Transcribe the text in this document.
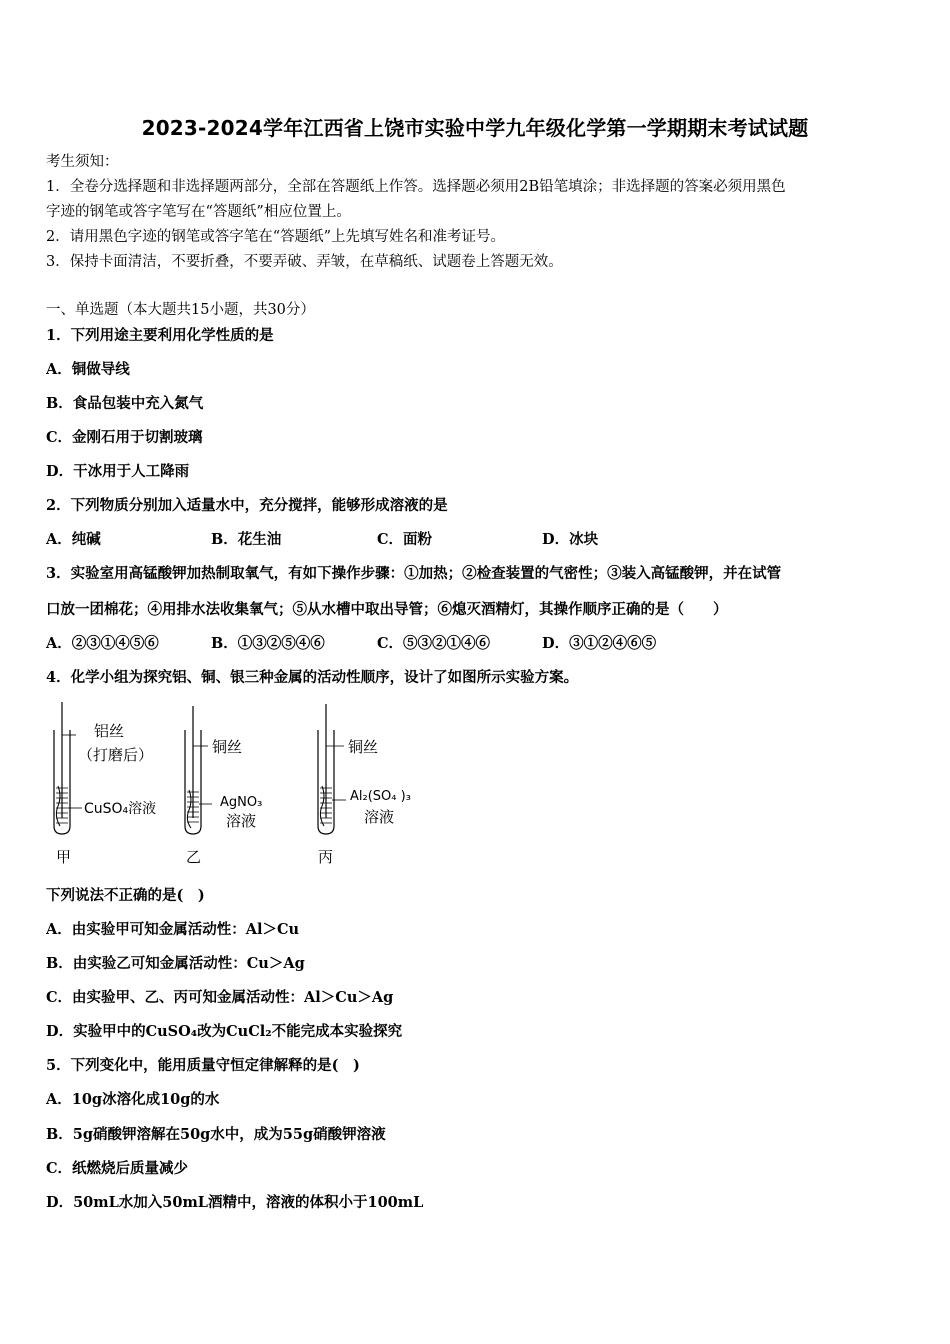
2023-2024学年江西省上饶市实验中学九年级化学第一学期期末考试试题
考生须知：
1．全卷分选择题和非选择题两部分，全部在答题纸上作答。选择题必须用2B铅笔填涂；非选择题的答案必须用黑色
字迹的钢笔或答字笔写在“答题纸”相应位置上。
2．请用黑色字迹的钢笔或答字笔在“答题纸”上先填写姓名和准考证号。
3．保持卡面清洁，不要折叠，不要弄破、弄皱，在草稿纸、试题卷上答题无效。
一、单选题（本大题共15小题，共30分）
1．下列用途主要利用化学性质的是
A．铜做导线
B．食品包装中充入氮气
C．金刚石用于切割玻璃
D．干冰用于人工降雨
2．下列物质分别加入适量水中，充分搅拌，能够形成溶液的是
A．纯碱	B．花生油	C．面粉	D．冰块
3．实验室用高锰酸钾加热制取氧气，有如下操作步骤：①加热；②检查装置的气密性；③装入高锰酸钾，并在试管
口放一团棉花；④用排水法收集氧气；⑤从水槽中取出导管；⑥熄灭酒精灯，其操作顺序正确的是（　　）
A．②③①④⑤⑥	B．①③②⑤④⑥	C．⑤③②①④⑥	D．③①②④⑥⑤
4．化学小组为探究铝、铜、银三种金属的活动性顺序，设计了如图所示实验方案。
铝丝
（打磨后）
CuSO₄溶液
甲
铜丝
AgNO₃
溶液
乙
铜丝
Al₂(SO₄ )₃
溶液
丙
下列说法不正确的是(　)
A．由实验甲可知金属活动性：Al＞Cu
B．由实验乙可知金属活动性：Cu＞Ag
C．由实验甲、乙、丙可知金属活动性：Al＞Cu＞Ag
D．实验甲中的CuSO₄改为CuCl₂不能完成本实验探究
5．下列变化中，能用质量守恒定律解释的是(　)
A．10g冰溶化成10g的水
B．5g硝酸钾溶解在50g水中，成为55g硝酸钾溶液
C．纸燃烧后质量减少
D．50mL水加入50mL酒精中，溶液的体积小于100mL
